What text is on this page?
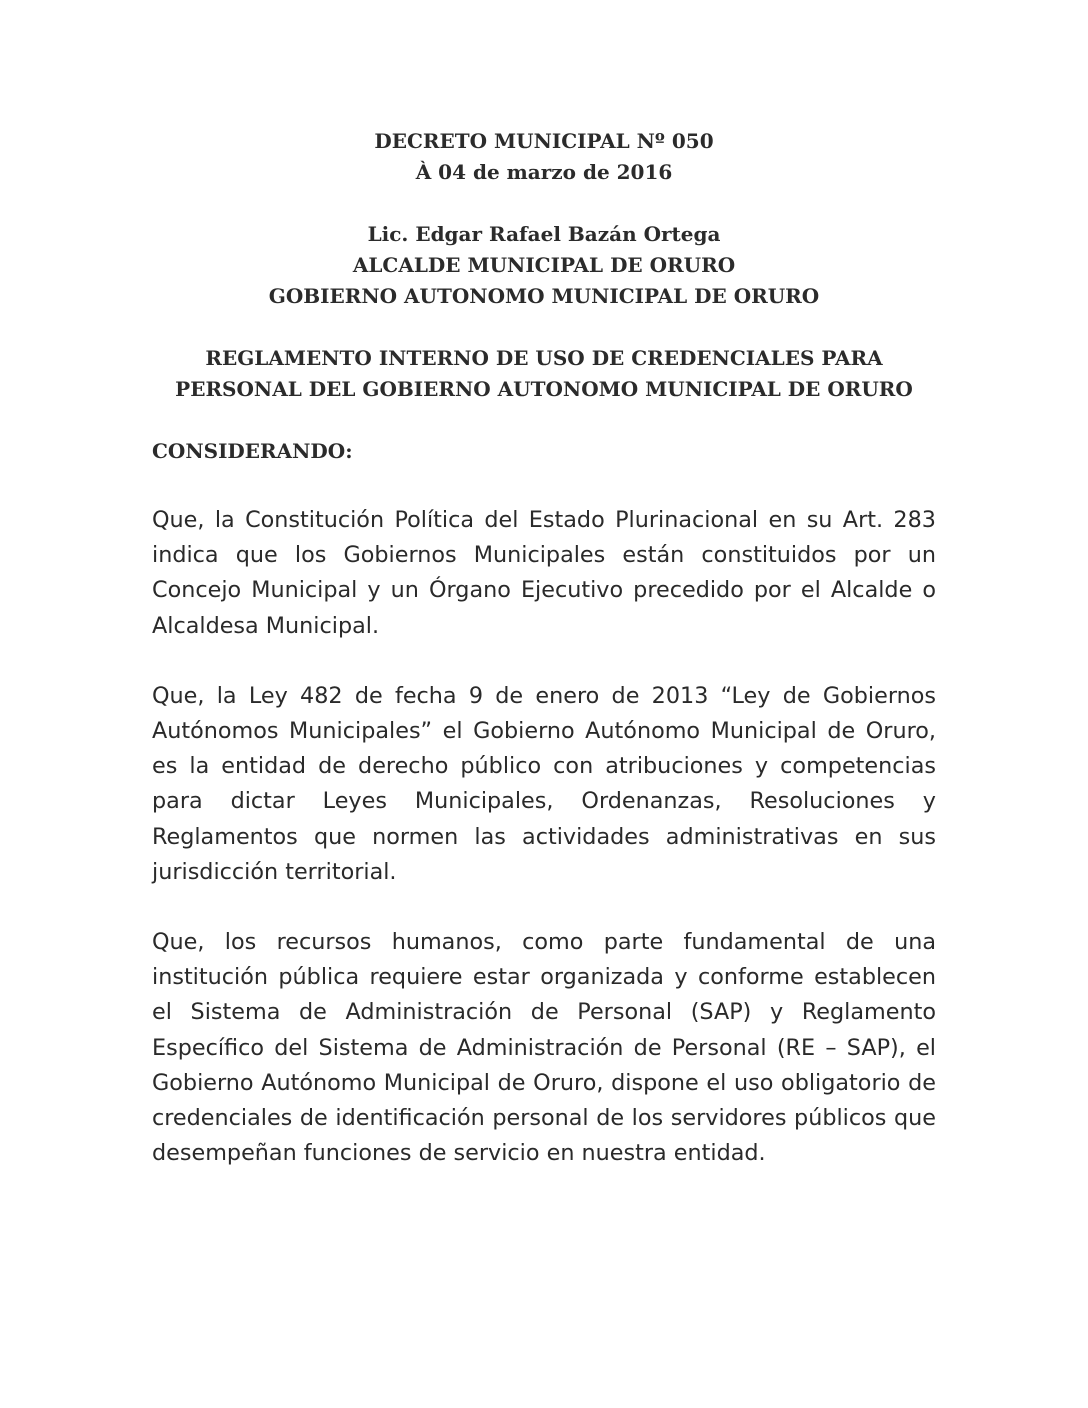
DECRETO MUNICIPAL Nº 050

À 04 de marzo de 2016

Lic. Edgar Rafael Bazán Ortega

ALCALDE MUNICIPAL DE ORURO

GOBIERNO AUTONOMO MUNICIPAL DE ORURO

REGLAMENTO INTERNO DE USO DE CREDENCIALES PARA

PERSONAL DEL GOBIERNO AUTONOMO MUNICIPAL DE ORURO

CONSIDERANDO:

Que, la Constitución Política del Estado Plurinacional en su Art. 283 indica que los Gobiernos Municipales están constituidos por un Concejo Municipal y un Órgano Ejecutivo precedido por el Alcalde o Alcaldesa Municipal.

Que, la Ley 482 de fecha 9 de enero de 2013 “Ley de Gobiernos Autónomos Municipales” el Gobierno Autónomo Municipal de Oruro, es la entidad de derecho público con atribuciones y competencias para dictar Leyes Municipales, Ordenanzas, Resoluciones y Reglamentos que normen las actividades administrativas en sus jurisdicción territorial.

Que, los recursos humanos, como parte fundamental de una institución pública requiere estar organizada y conforme establecen el Sistema de Administración de Personal (SAP) y Reglamento Específico del Sistema de Administración de Personal (RE – SAP), el Gobierno Autónomo Municipal de Oruro, dispone el uso obligatorio de credenciales de identificación personal de los servidores públicos que desempeñan funciones de servicio en nuestra entidad.
